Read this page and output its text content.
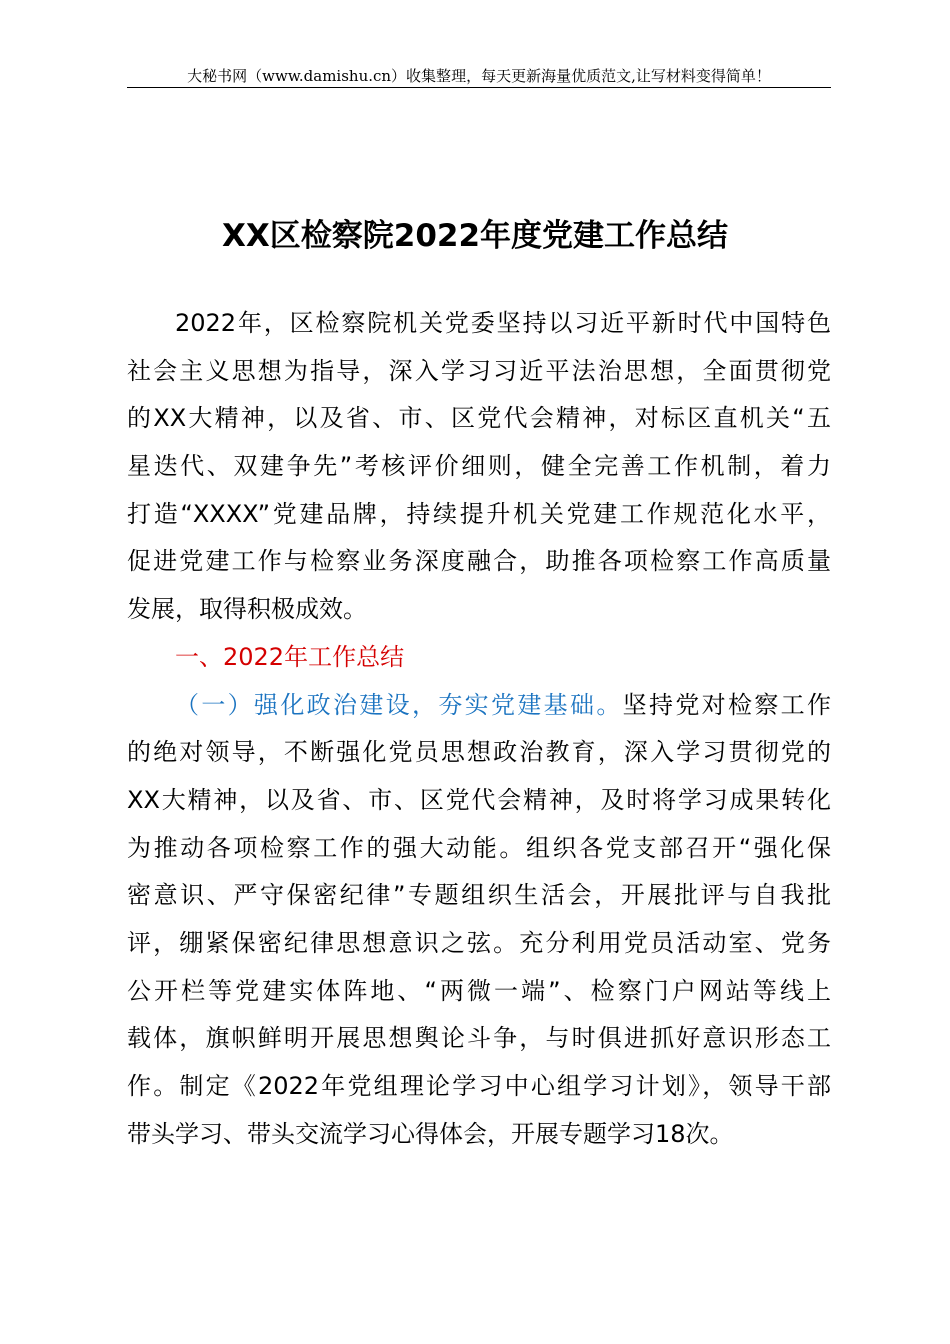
大秘书网（www.damishu.cn）收集整理，每天更新海量优质范文,让写材料变得简单！
XX区检察院2022年度党建工作总结
2022年，区检察院机关党委坚持以习近平新时代中国特色
社会主义思想为指导，深入学习习近平法治思想，全面贯彻党
的XX大精神，以及省、市、区党代会精神，对标区直机关“五
星迭代、双建争先”考核评价细则，健全完善工作机制，着力
打造“XXXX”党建品牌，持续提升机关党建工作规范化水平，
促进党建工作与检察业务深度融合，助推各项检察工作高质量
发展，取得积极成效。
一、2022年工作总结
（一）强化政治建设，夯实党建基础。坚持党对检察工作
的绝对领导，不断强化党员思想政治教育，深入学习贯彻党的
XX大精神，以及省、市、区党代会精神，及时将学习成果转化
为推动各项检察工作的强大动能。组织各党支部召开“强化保
密意识、严守保密纪律”专题组织生活会，开展批评与自我批
评，绷紧保密纪律思想意识之弦。充分利用党员活动室、党务
公开栏等党建实体阵地、“两微一端”、检察门户网站等线上
载体，旗帜鲜明开展思想舆论斗争，与时俱进抓好意识形态工
作。制定《2022年党组理论学习中心组学习计划》，领导干部
带头学习、带头交流学习心得体会，开展专题学习18次。
